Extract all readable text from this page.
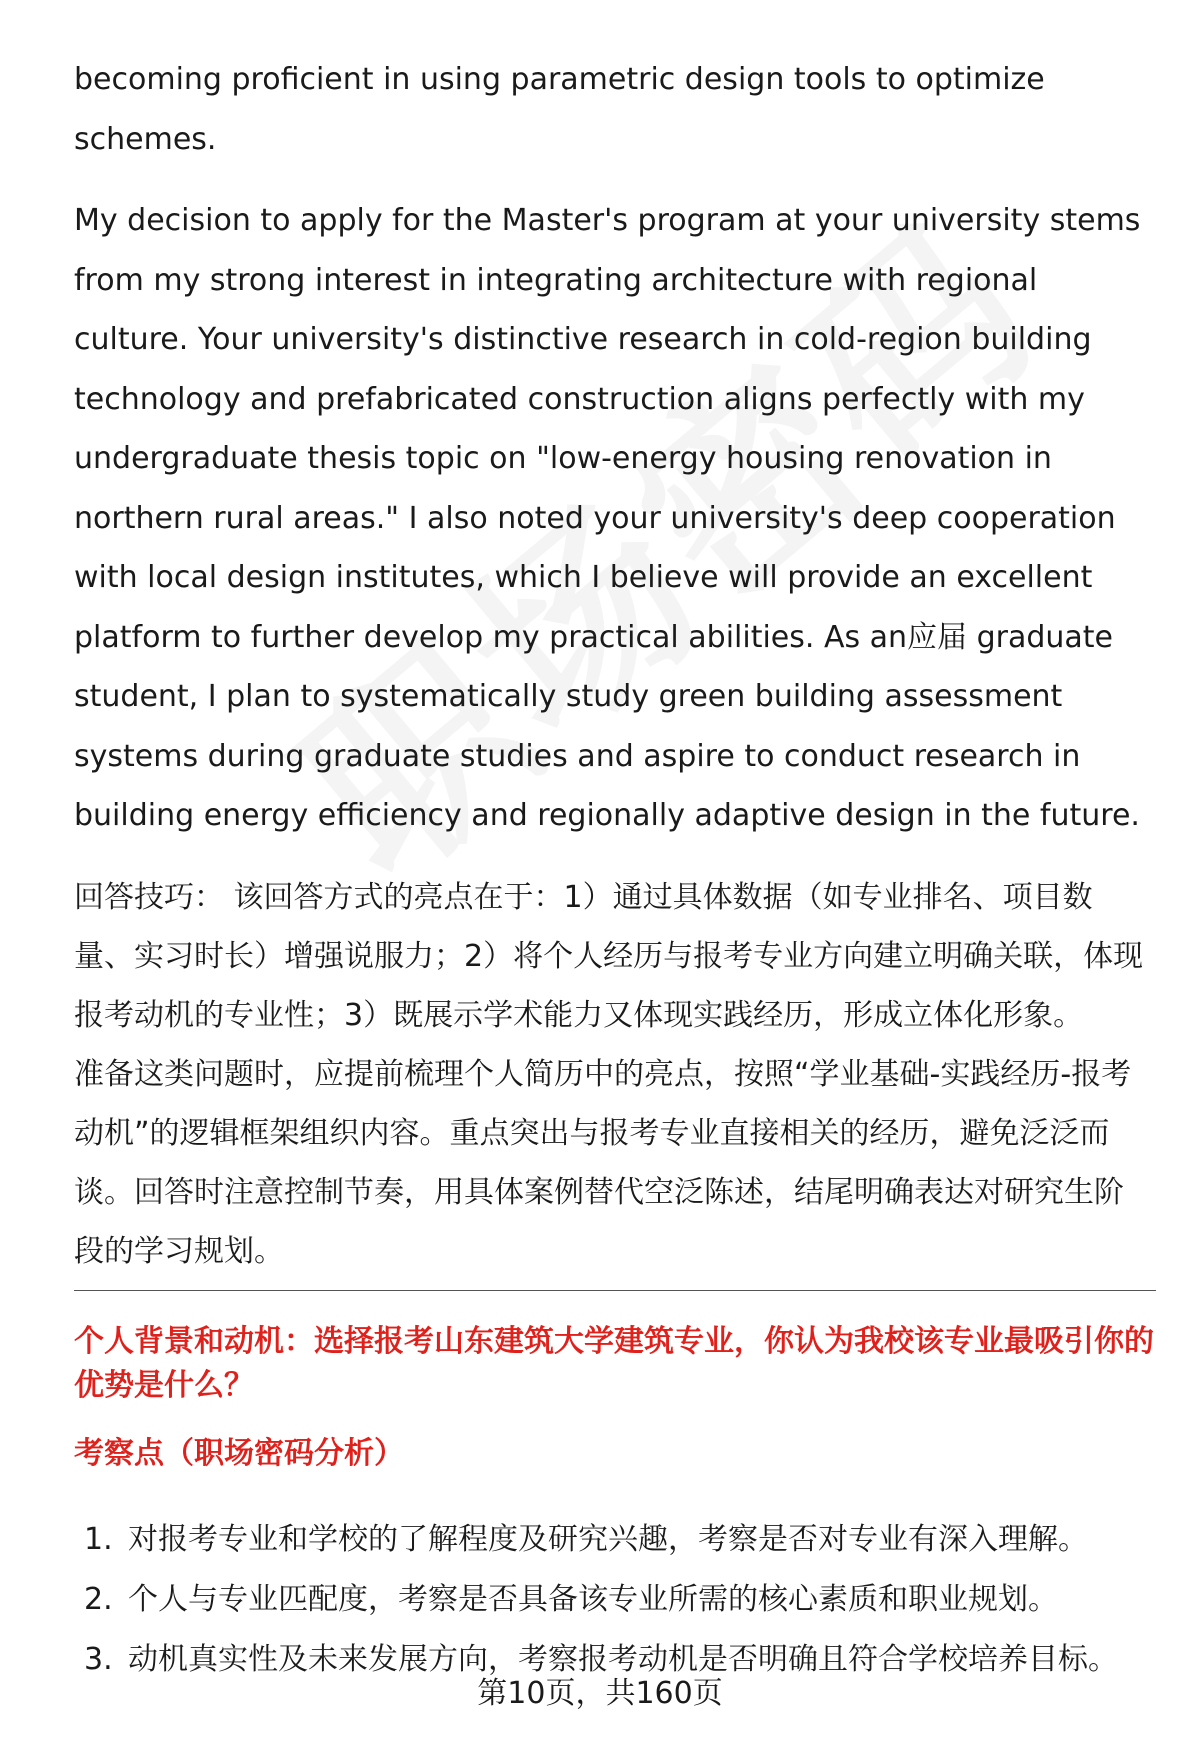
becoming proficient in using parametric design tools to optimize schemes.

My decision to apply for the Master's program at your university stems from my strong interest in integrating architecture with regional culture. Your university's distinctive research in cold-region building technology and prefabricated construction aligns perfectly with my undergraduate thesis topic on "low-energy housing renovation in northern rural areas." I also noted your university's deep cooperation with local design institutes, which I believe will provide an excellent platform to further develop my practical abilities. As an应届 graduate student, I plan to systematically study green building assessment systems during graduate studies and aspire to conduct research in building energy efficiency and regionally adaptive design in the future.

回答技巧： 该回答方式的亮点在于：1）通过具体数据（如专业排名、项目数量、实习时长）增强说服力；2）将个人经历与报考专业方向建立明确关联，体现报考动机的专业性；3）既展示学术能力又体现实践经历，形成立体化形象。

准备这类问题时，应提前梳理个人简历中的亮点，按照“学业基础-实践经历-报考动机”的逻辑框架组织内容。重点突出与报考专业直接相关的经历，避免泛泛而谈。回答时注意控制节奏，用具体案例替代空泛陈述，结尾明确表达对研究生阶段的学习规划。

个人背景和动机：选择报考山东建筑大学建筑专业，你认为我校该专业最吸引你的优势是什么？

考察点（职场密码分析）

1. 对报考专业和学校的了解程度及研究兴趣，考察是否对专业有深入理解。
2. 个人与专业匹配度，考察是否具备该专业所需的核心素质和职业规划。
3. 动机真实性及未来发展方向，考察报考动机是否明确且符合学校培养目标。
第10页，共160页
